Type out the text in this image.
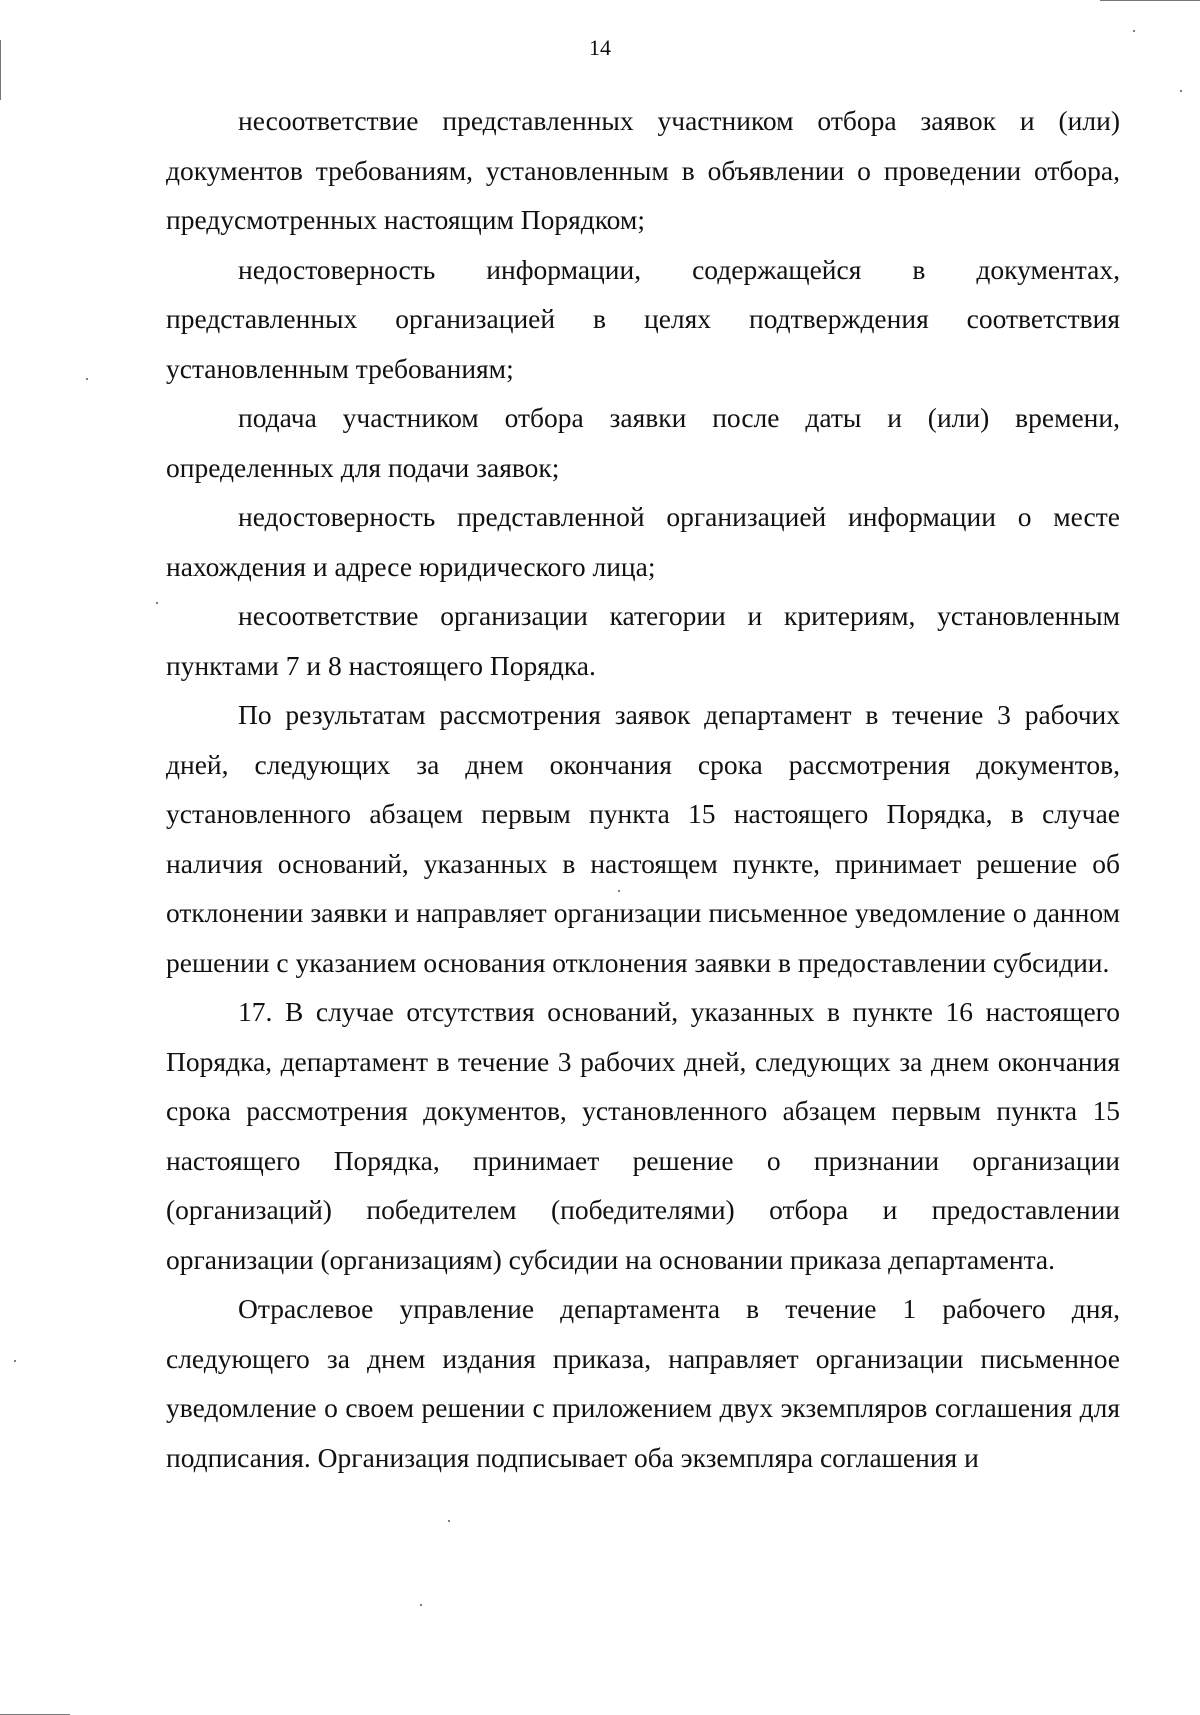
14

несоответствие представленных участником отбора заявок и (или) документов требованиям, установленным в объявлении о проведении отбора, предусмотренных настоящим Порядком;

недостоверность информации, содержащейся в документах, представленных организацией в целях подтверждения соответствия установленным требованиям;

подача участником отбора заявки после даты и (или) времени, определенных для подачи заявок;

недостоверность представленной организацией информации о месте нахождения и адресе юридического лица;

несоответствие организации категории и критериям, установленным пунктами 7 и 8 настоящего Порядка.

По результатам рассмотрения заявок департамент в течение 3 рабочих дней, следующих за днем окончания срока рассмотрения документов, установленного абзацем первым пункта 15 настоящего Порядка, в случае наличия оснований, указанных в настоящем пункте, принимает решение об отклонении заявки и направляет организации письменное уведомление о данном решении с указанием основания отклонения заявки в предоставлении субсидии.

17. В случае отсутствия оснований, указанных в пункте 16 настоящего Порядка, департамент в течение 3 рабочих дней, следующих за днем окончания срока рассмотрения документов, установленного абзацем первым пункта 15 настоящего Порядка, принимает решение о признании организации (организаций) победителем (победителями) отбора и предоставлении организации (организациям) субсидии на основании приказа департамента.

Отраслевое управление департамента в течение 1 рабочего дня, следующего за днем издания приказа, направляет организации письменное уведомление о своем решении с приложением двух экземпляров соглашения для подписания. Организация подписывает оба экземпляра соглашения и
